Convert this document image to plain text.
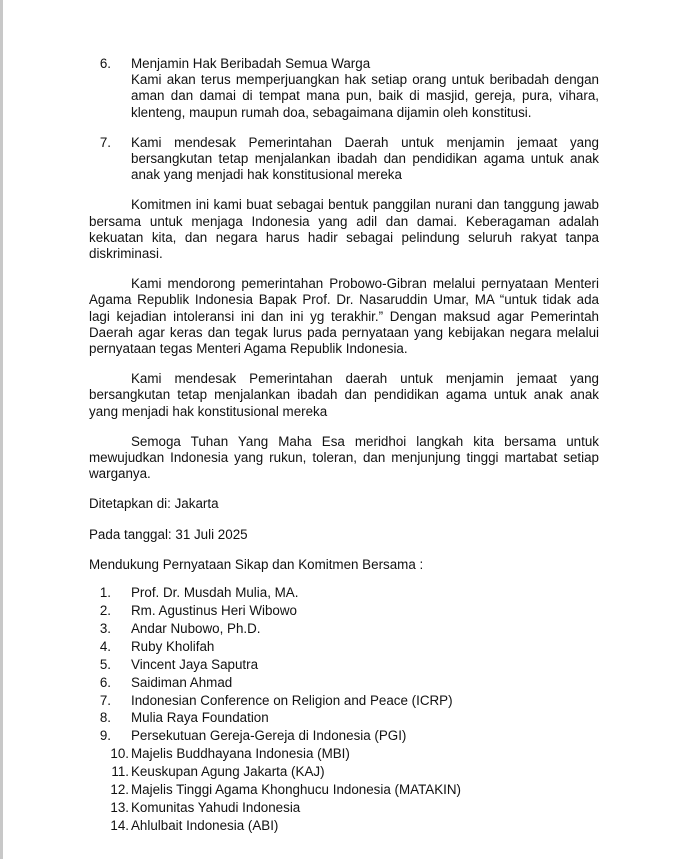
6.	Menjamin Hak Beribadah Semua Warga
Kami akan terus memperjuangkan hak setiap orang untuk beribadah dengan aman dan damai di tempat mana pun, baik di masjid, gereja, pura, vihara, klenteng, maupun rumah doa, sebagaimana dijamin oleh konstitusi.
7.	Kami mendesak Pemerintahan Daerah untuk menjamin jemaat yang bersangkutan tetap menjalankan ibadah dan pendidikan agama untuk anak anak yang menjadi hak konstitusional mereka

Komitmen ini kami buat sebagai bentuk panggilan nurani dan tanggung jawab bersama untuk menjaga Indonesia yang adil dan damai. Keberagaman adalah kekuatan kita, dan negara harus hadir sebagai pelindung seluruh rakyat tanpa diskriminasi.

Kami mendorong pemerintahan Probowo-Gibran melalui pernyataan Menteri Agama Republik Indonesia Bapak Prof. Dr. Nasaruddin Umar, MA “untuk tidak ada lagi kejadian intoleransi ini dan ini yg terakhir.” Dengan maksud agar Pemerintah Daerah agar keras dan tegak lurus pada pernyataan yang kebijakan negara melalui pernyataan tegas Menteri Agama Republik Indonesia.

Kami mendesak Pemerintahan daerah untuk menjamin jemaat yang bersangkutan tetap menjalankan ibadah dan pendidikan agama untuk anak anak yang menjadi hak konstitusional mereka

Semoga Tuhan Yang Maha Esa meridhoi langkah kita bersama untuk mewujudkan Indonesia yang rukun, toleran, dan menjunjung tinggi martabat setiap warganya.

Ditetapkan di: Jakarta

Pada tanggal: 31 Juli 2025

Mendukung Pernyataan Sikap dan Komitmen Bersama :

1.	Prof. Dr. Musdah Mulia, MA.
2.	Rm. Agustinus Heri Wibowo
3.	Andar Nubowo, Ph.D.
4.	Ruby Kholifah
5.	Vincent Jaya Saputra
6.	Saidiman Ahmad
7.	Indonesian Conference on Religion and Peace (ICRP)
8.	Mulia Raya Foundation
9.	Persekutuan Gereja-Gereja di Indonesia (PGI)
10. Majelis Buddhayana Indonesia (MBI)
11. Keuskupan Agung Jakarta (KAJ)
12. Majelis Tinggi Agama Khonghucu Indonesia (MATAKIN)
13. Komunitas Yahudi Indonesia
14. Ahlulbait Indonesia (ABI)
